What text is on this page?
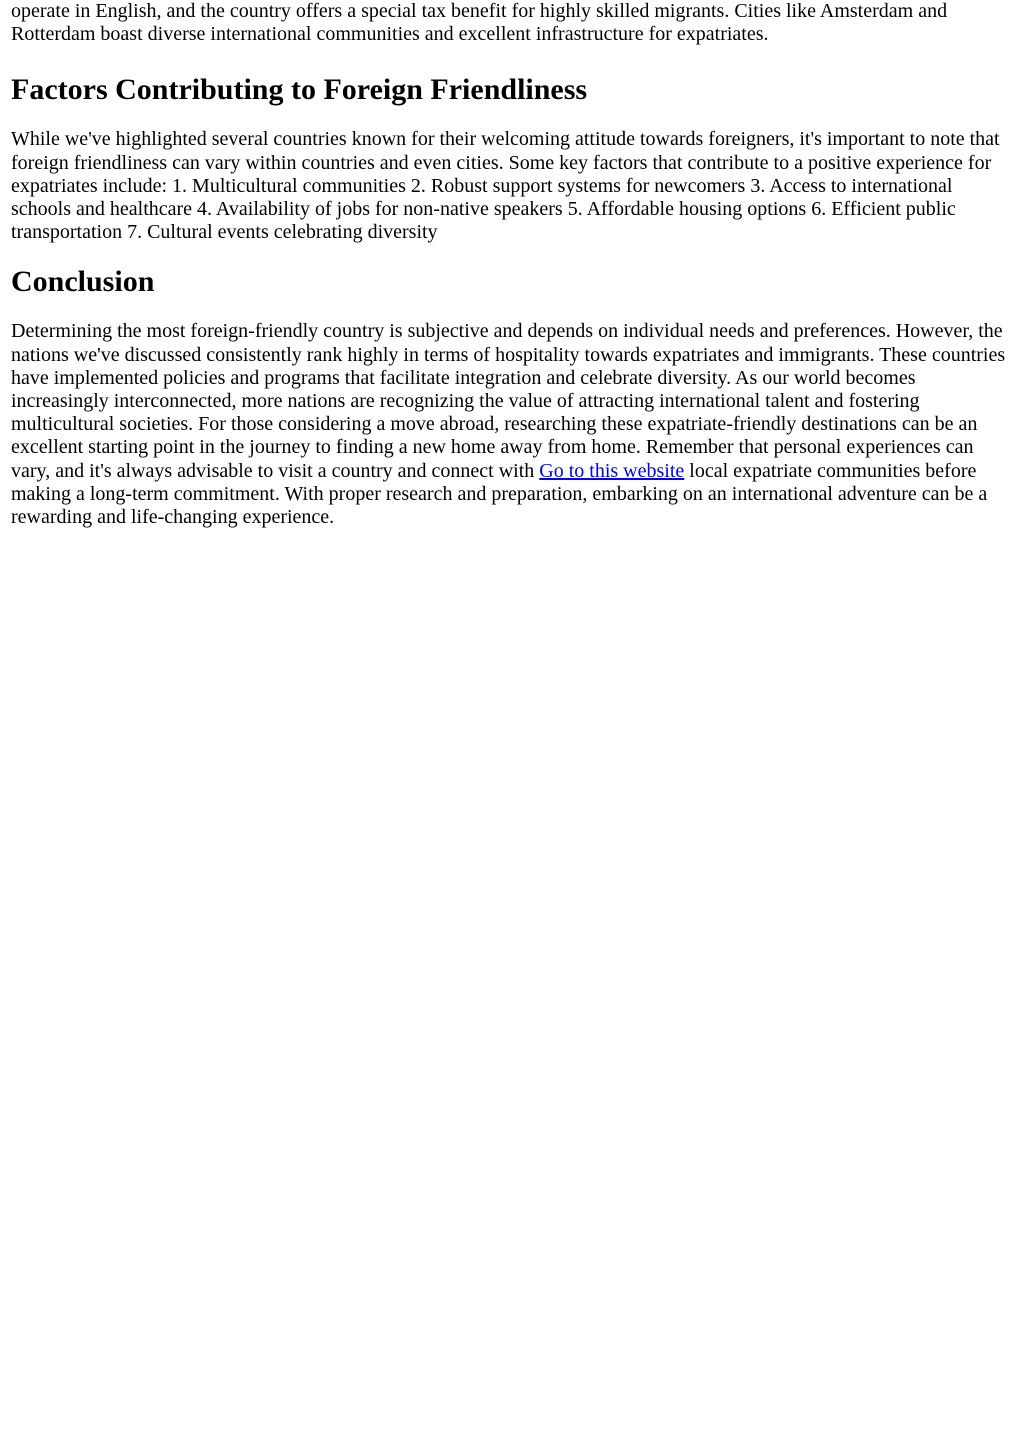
operate in English, and the country offers a special tax benefit for highly skilled migrants. Cities like Amsterdam and Rotterdam boast diverse international communities and excellent infrastructure for expatriates.

Factors Contributing to Foreign Friendliness

While we've highlighted several countries known for their welcoming attitude towards foreigners, it's important to note that foreign friendliness can vary within countries and even cities. Some key factors that contribute to a positive experience for expatriates include: 1. Multicultural communities 2. Robust support systems for newcomers 3. Access to international schools and healthcare 4. Availability of jobs for non-native speakers 5. Affordable housing options 6. Efficient public transportation 7. Cultural events celebrating diversity

Conclusion

Determining the most foreign-friendly country is subjective and depends on individual needs and preferences. However, the nations we've discussed consistently rank highly in terms of hospitality towards expatriates and immigrants. These countries have implemented policies and programs that facilitate integration and celebrate diversity. As our world becomes increasingly interconnected, more nations are recognizing the value of attracting international talent and fostering multicultural societies. For those considering a move abroad, researching these expatriate-friendly destinations can be an excellent starting point in the journey to finding a new home away from home. Remember that personal experiences can vary, and it's always advisable to visit a country and connect with Go to this website local expatriate communities before making a long-term commitment. With proper research and preparation, embarking on an international adventure can be a rewarding and life-changing experience.
